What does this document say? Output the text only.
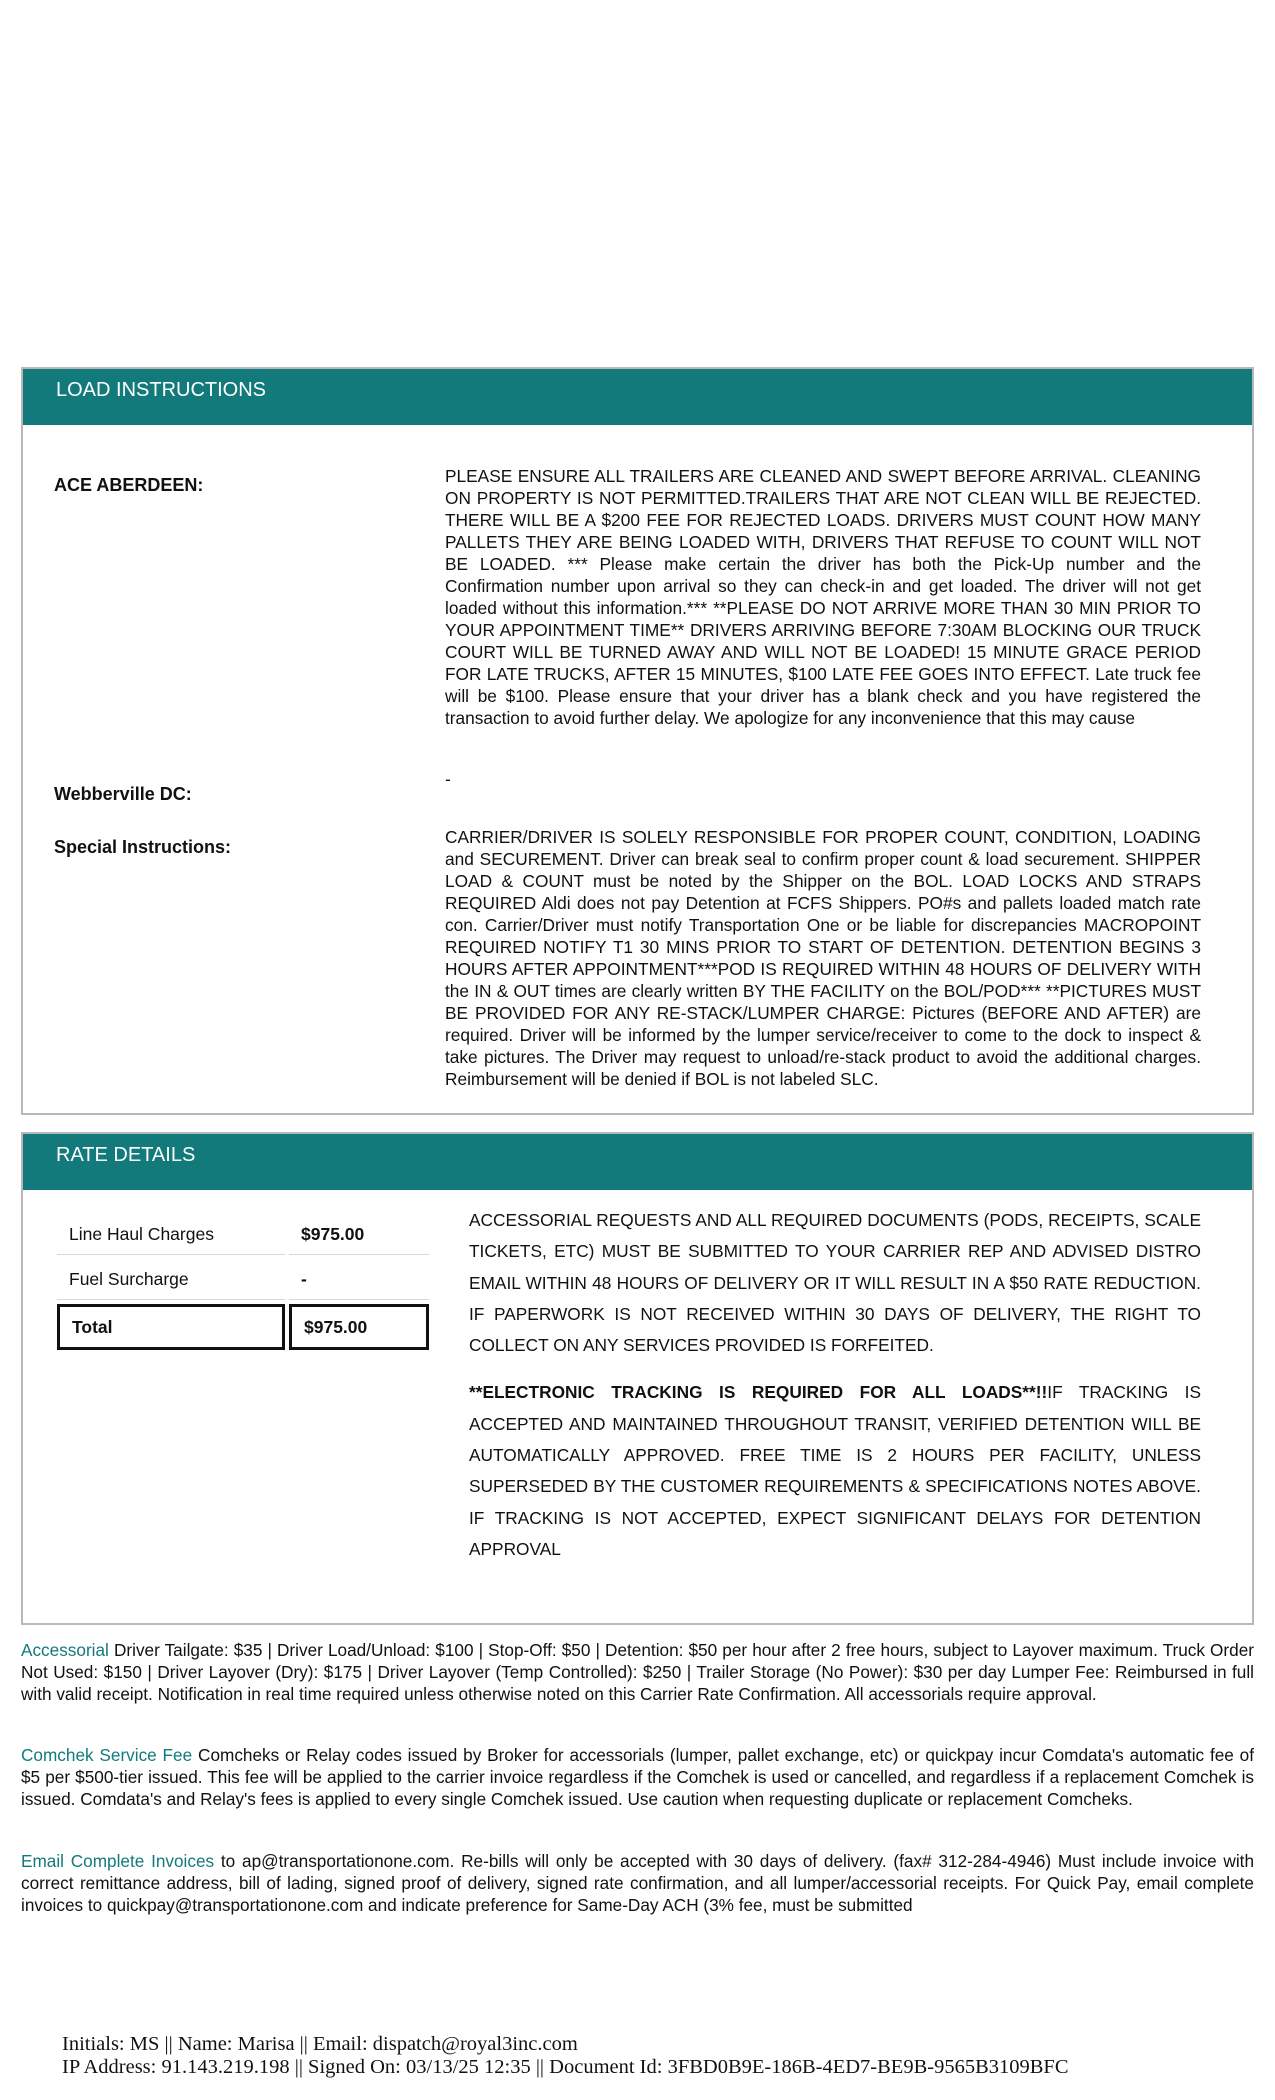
LOAD INSTRUCTIONS
ACE ABERDEEN:	PLEASE ENSURE ALL TRAILERS ARE CLEANED AND SWEPT BEFORE ARRIVAL. CLEANING ON PROPERTY IS NOT PERMITTED.TRAILERS THAT ARE NOT CLEAN WILL BE REJECTED. THERE WILL BE A $200 FEE FOR REJECTED LOADS. DRIVERS MUST COUNT HOW MANY PALLETS THEY ARE BEING LOADED WITH, DRIVERS THAT REFUSE TO COUNT WILL NOT BE LOADED. *** Please make certain the driver has both the Pick-Up number and the Confirmation number upon arrival so they can check-in and get loaded. The driver will not get loaded without this information.*** **PLEASE DO NOT ARRIVE MORE THAN 30 MIN PRIOR TO YOUR APPOINTMENT TIME** DRIVERS ARRIVING BEFORE 7:30AM BLOCKING OUR TRUCK COURT WILL BE TURNED AWAY AND WILL NOT BE LOADED! 15 MINUTE GRACE PERIOD FOR LATE TRUCKS, AFTER 15 MINUTES, $100 LATE FEE GOES INTO EFFECT. Late truck fee will be $100. Please ensure that your driver has a blank check and you have registered the transaction to avoid further delay. We apologize for any inconvenience that this may cause
Webberville DC:
-
Special Instructions:	CARRIER/DRIVER IS SOLELY RESPONSIBLE FOR PROPER COUNT, CONDITION, LOADING and SECUREMENT. Driver can break seal to confirm proper count & load securement. SHIPPER LOAD & COUNT must be noted by the Shipper on the BOL. LOAD LOCKS AND STRAPS REQUIRED Aldi does not pay Detention at FCFS Shippers. PO#s and pallets loaded match rate con. Carrier/Driver must notify Transportation One or be liable for discrepancies MACROPOINT REQUIRED NOTIFY T1 30 MINS PRIOR TO START OF DETENTION. DETENTION BEGINS 3 HOURS AFTER APPOINTMENT***POD IS REQUIRED WITHIN 48 HOURS OF DELIVERY WITH the IN & OUT times are clearly written BY THE FACILITY on the BOL/POD*** **PICTURES MUST BE PROVIDED FOR ANY RE-STACK/LUMPER CHARGE: Pictures (BEFORE AND AFTER) are required. Driver will be informed by the lumper service/receiver to come to the dock to inspect & take pictures. The Driver may request to unload/re-stack product to avoid the additional charges. Reimbursement will be denied if BOL is not labeled SLC.
RATE DETAILS
Line Haul Charges	$975.00
Fuel Surcharge	-
Total	$975.00

ACCESSORIAL REQUESTS AND ALL REQUIRED DOCUMENTS (PODS, RECEIPTS, SCALE TICKETS, ETC) MUST BE SUBMITTED TO YOUR CARRIER REP AND ADVISED DISTRO EMAIL WITHIN 48 HOURS OF DELIVERY OR IT WILL RESULT IN A $50 RATE REDUCTION. IF PAPERWORK IS NOT RECEIVED WITHIN 30 DAYS OF DELIVERY, THE RIGHT TO COLLECT ON ANY SERVICES PROVIDED IS FORFEITED.

**ELECTRONIC TRACKING IS REQUIRED FOR ALL LOADS**!!IF TRACKING IS ACCEPTED AND MAINTAINED THROUGHOUT TRANSIT, VERIFIED DETENTION WILL BE AUTOMATICALLY APPROVED. FREE TIME IS 2 HOURS PER FACILITY, UNLESS SUPERSEDED BY THE CUSTOMER REQUIREMENTS & SPECIFICATIONS NOTES ABOVE. IF TRACKING IS NOT ACCEPTED, EXPECT SIGNIFICANT DELAYS FOR DETENTION APPROVAL

Accessorial Driver Tailgate: $35 | Driver Load/Unload: $100 | Stop-Off: $50 | Detention: $50 per hour after 2 free hours, subject to Layover maximum. Truck Order Not Used: $150 | Driver Layover (Dry): $175 | Driver Layover (Temp Controlled): $250 | Trailer Storage (No Power): $30 per day Lumper Fee: Reimbursed in full with valid receipt. Notification in real time required unless otherwise noted on this Carrier Rate Confirmation. All accessorials require approval.
Comchek Service Fee Comcheks or Relay codes issued by Broker for accessorials (lumper, pallet exchange, etc) or quickpay incur Comdata's automatic fee of $5 per $500-tier issued. This fee will be applied to the carrier invoice regardless if the Comchek is used or cancelled, and regardless if a replacement Comchek is issued. Comdata's and Relay's fees is applied to every single Comchek issued. Use caution when requesting duplicate or replacement Comcheks.
Email Complete Invoices to ap@transportationone.com. Re-bills will only be accepted with 30 days of delivery. (fax# 312-284-4946) Must include invoice with correct remittance address, bill of lading, signed proof of delivery, signed rate confirmation, and all lumper/accessorial receipts. For Quick Pay, email complete invoices to quickpay@transportationone.com and indicate preference for Same-Day ACH (3% fee, must be submitted
Initials: MS || Name: Marisa || Email: dispatch@royal3inc.com
IP Address: 91.143.219.198 || Signed On: 03/13/25 12:35 || Document Id: 3FBD0B9E-186B-4ED7-BE9B-9565B3109BFC
